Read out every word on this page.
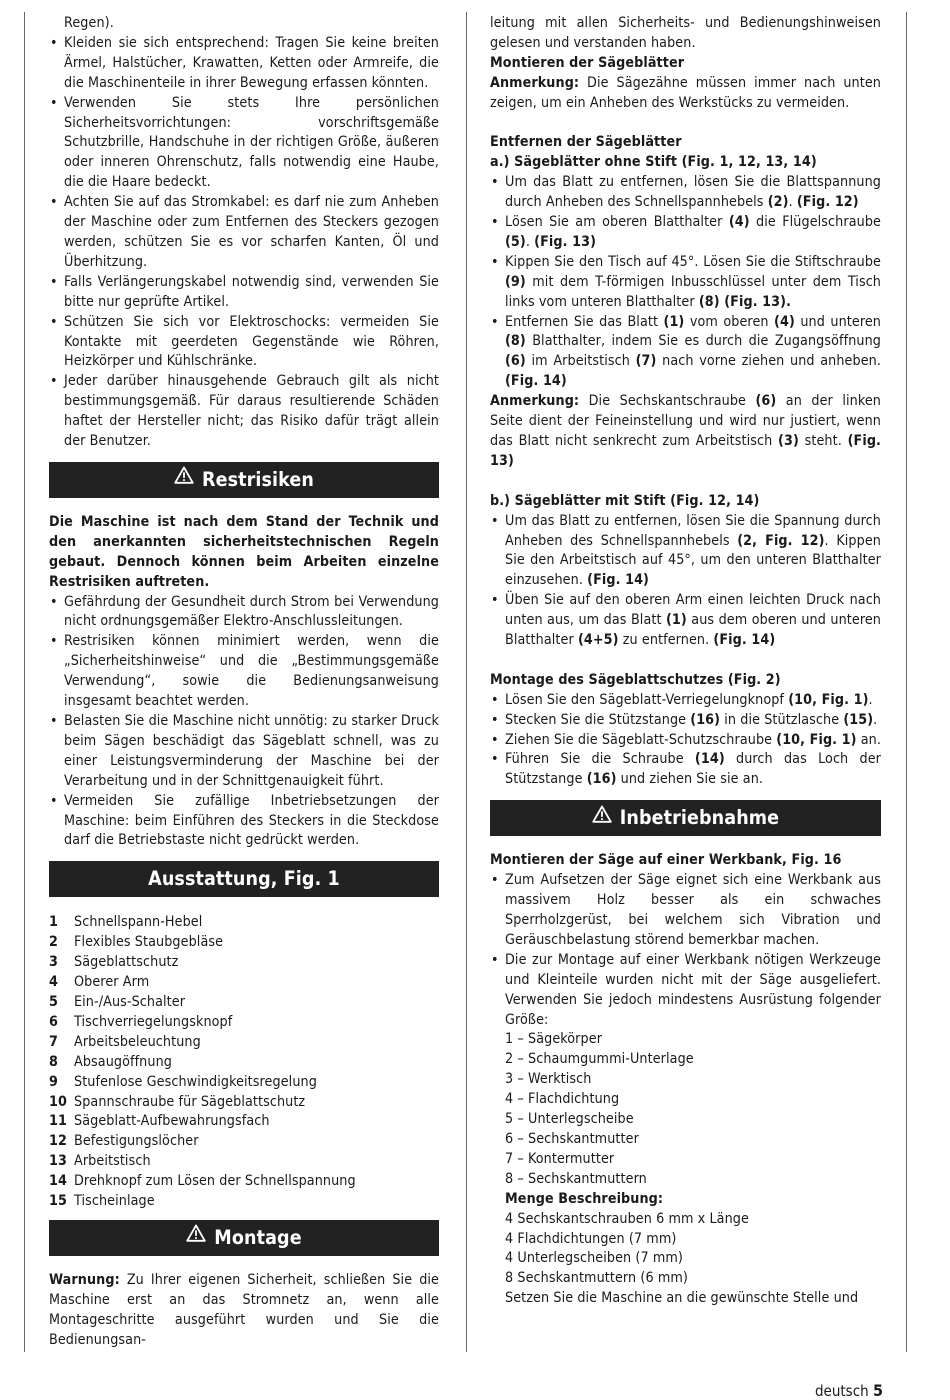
Regen).

• Kleiden sie sich entsprechend: Tragen Sie keine breiten Ärmel, Halstücher, Krawatten, Ketten oder Armreife, die die Maschinenteile in ihrer Bewegung erfassen könnten.
• Verwenden Sie stets Ihre persönlichen Sicherheitsvorrichtungen: vorschriftsgemäße Schutzbrille, Handschuhe in der richtigen Größe, äußeren oder inneren Ohrenschutz, falls notwendig eine Haube, die die Haare bedeckt.
• Achten Sie auf das Stromkabel: es darf nie zum Anheben der Maschine oder zum Entfernen des Steckers gezogen werden, schützen Sie es vor scharfen Kanten, Öl und Überhitzung.
• Falls Verlängerungskabel notwendig sind, verwenden Sie bitte nur geprüfte Artikel.
• Schützen Sie sich vor Elektroschocks: vermeiden Sie Kontakte mit geerdeten Gegenstände wie Röhren, Heizkörper und Kühlschränke.
• Jeder darüber hinausgehende Gebrauch gilt als nicht bestimmungsgemäß. Für daraus resultierende Schäden haftet der Hersteller nicht; das Risiko dafür trägt allein der Benutzer.
Restrisiken

Die Maschine ist nach dem Stand der Technik und den anerkannten sicherheitstechnischen Regeln gebaut. Dennoch können beim Arbeiten einzelne Restrisiken auftreten.

• Gefährdung der Gesundheit durch Strom bei Verwendung nicht ordnungsgemäßer Elektro-Anschlussleitungen.
• Restrisiken können minimiert werden, wenn die „Sicherheitshinweise“ und die „Bestimmungsgemäße Verwendung“, sowie die Bedienungsanweisung insgesamt beachtet werden.
• Belasten Sie die Maschine nicht unnötig: zu starker Druck beim Sägen beschädigt das Sägeblatt schnell, was zu einer Leistungsverminderung der Maschine bei der Verarbeitung und in der Schnittgenauigkeit führt.
• Vermeiden Sie zufällige Inbetriebsetzungen der Maschine: beim Einführen des Steckers in die Steckdose darf die Betriebstaste nicht gedrückt werden.
Ausstattung, Fig. 1
1 Schnellspann-Hebel
2 Flexibles Staubgebläse
3 Sägeblattschutz
4 Oberer Arm
5 Ein-/Aus-Schalter
6 Tischverriegelungsknopf
7 Arbeitsbeleuchtung
8 Absaugöffnung
9 Stufenlose Geschwindigkeitsregelung
10 Spannschraube für Sägeblattschutz
11 Sägeblatt-Aufbewahrungsfach
12 Befestigungslöcher
13 Arbeitstisch
14 Drehknopf zum Lösen der Schnellspannung
15 Tischeinlage
Montage

Warnung: Zu Ihrer eigenen Sicherheit, schließen Sie die Maschine erst an das Stromnetz an, wenn alle Montageschritte ausgeführt wurden und Sie die Bedienungsan-

leitung mit allen Sicherheits- und Bedienungshinweisen gelesen und verstanden haben.

Montieren der Sägeblätter

Anmerkung: Die Sägezähne müssen immer nach unten zeigen, um ein Anheben des Werkstücks zu vermeiden.

Entfernen der Sägeblätter

a.) Sägeblätter ohne Stift (Fig. 1, 12, 13, 14)

• Um das Blatt zu entfernen, lösen Sie die Blattspannung durch Anheben des Schnellspannhebels (2). (Fig. 12)
• Lösen Sie am oberen Blatthalter (4) die Flügelschraube (5). (Fig. 13)
• Kippen Sie den Tisch auf 45°. Lösen Sie die Stiftschraube (9) mit dem T-förmigen Inbusschlüssel unter dem Tisch links vom unteren Blatthalter (8) (Fig. 13).
• Entfernen Sie das Blatt (1) vom oberen (4) und unteren (8) Blatthalter, indem Sie es durch die Zugangsöffnung (6) im Arbeitstisch (7) nach vorne ziehen und anheben. (Fig. 14)

Anmerkung: Die Sechskantschraube (6) an der linken Seite dient der Feineinstellung und wird nur justiert, wenn das Blatt nicht senkrecht zum Arbeitstisch (3) steht. (Fig. 13)

b.) Sägeblätter mit Stift (Fig. 12, 14)

• Um das Blatt zu entfernen, lösen Sie die Spannung durch Anheben des Schnellspannhebels (2, Fig. 12). Kippen Sie den Arbeitstisch auf 45°, um den unteren Blatthalter einzusehen. (Fig. 14)
• Üben Sie auf den oberen Arm einen leichten Druck nach unten aus, um das Blatt (1) aus dem oberen und unteren Blatthalter (4+5) zu entfernen. (Fig. 14)

Montage des Sägeblattschutzes (Fig. 2)

• Lösen Sie den Sägeblatt-Verriegelungknopf (10, Fig. 1).
• Stecken Sie die Stützstange (16) in die Stützlasche (15).
• Ziehen Sie die Sägeblatt-Schutzschraube (10, Fig. 1) an.
• Führen Sie die Schraube (14) durch das Loch der Stützstange (16) und ziehen Sie sie an.
Inbetriebnahme

Montieren der Säge auf einer Werkbank, Fig. 16

• Zum Aufsetzen der Säge eignet sich eine Werkbank aus massivem Holz besser als ein schwaches Sperrholzgerüst, bei welchem sich Vibration und Geräuschbelastung störend bemerkbar machen.
• Die zur Montage auf einer Werkbank nötigen Werkzeuge und Kleinteile wurden nicht mit der Säge ausgeliefert. Verwenden Sie jedoch mindestens Ausrüstung folgender Größe:
1 – Sägekörper
2 – Schaumgummi-Unterlage
3 – Werktisch
4 – Flachdichtung
5 – Unterlegscheibe
6 – Sechskantmutter
7 – Kontermutter
8 – Sechskantmuttern

Menge Beschreibung:

4 Sechskantschrauben 6 mm x Länge
4 Flachdichtungen (7 mm)
4 Unterlegscheiben (7 mm)
8 Sechskantmuttern (6 mm)
Setzen Sie die Maschine an die gewünschte Stelle und
deutsch 5
